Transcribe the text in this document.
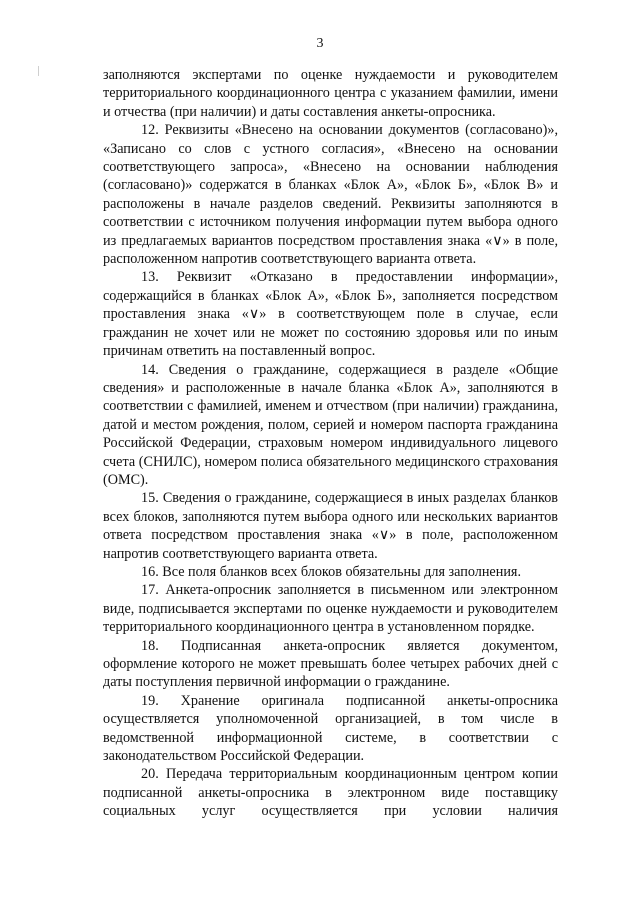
3

заполняются экспертами по оценке нуждаемости и руководителем территориального координационного центра с указанием фамилии, имени и отчества (при наличии) и даты составления анкеты-опросника.

12. Реквизиты «Внесено на основании документов (согласовано)», «Записано со слов с устного согласия», «Внесено на основании соответствующего запроса», «Внесено на основании наблюдения (согласовано)» содержатся в бланках «Блок А», «Блок Б», «Блок В» и расположены в начале разделов сведений. Реквизиты заполняются в соответствии с источником получения информации путем выбора одного из предлагаемых вариантов посредством проставления знака «∨» в поле, расположенном напротив соответствующего варианта ответа.

13. Реквизит «Отказано в предоставлении информации», содержащийся в бланках «Блок А», «Блок Б», заполняется посредством проставления знака «∨» в соответствующем поле в случае, если гражданин не хочет или не может по состоянию здоровья или по иным причинам ответить на поставленный вопрос.

14. Сведения о гражданине, содержащиеся в разделе «Общие сведения» и расположенные в начале бланка «Блок А», заполняются в соответствии с фамилией, именем и отчеством (при наличии) гражданина, датой и местом рождения, полом, серией и номером паспорта гражданина Российской Федерации, страховым номером индивидуального лицевого счета (СНИЛС), номером полиса обязательного медицинского страхования (ОМС).

15. Сведения о гражданине, содержащиеся в иных разделах бланков всех блоков, заполняются путем выбора одного или нескольких вариантов ответа посредством проставления знака «∨» в поле, расположенном напротив соответствующего варианта ответа.

16. Все поля бланков всех блоков обязательны для заполнения.

17. Анкета-опросник заполняется в письменном или электронном виде, подписывается экспертами по оценке нуждаемости и руководителем территориального координационного центра в установленном порядке.

18. Подписанная анкета-опросник является документом, оформление которого не может превышать более четырех рабочих дней с даты поступления первичной информации о гражданине.

19. Хранение оригинала подписанной анкеты-опросника осуществляется уполномоченной организацией, в том числе в ведомственной информационной системе, в соответствии с законодательством Российской Федерации.

20. Передача территориальным координационным центром копии подписанной анкеты-опросника в электронном виде поставщику социальных услуг осуществляется при условии наличия
